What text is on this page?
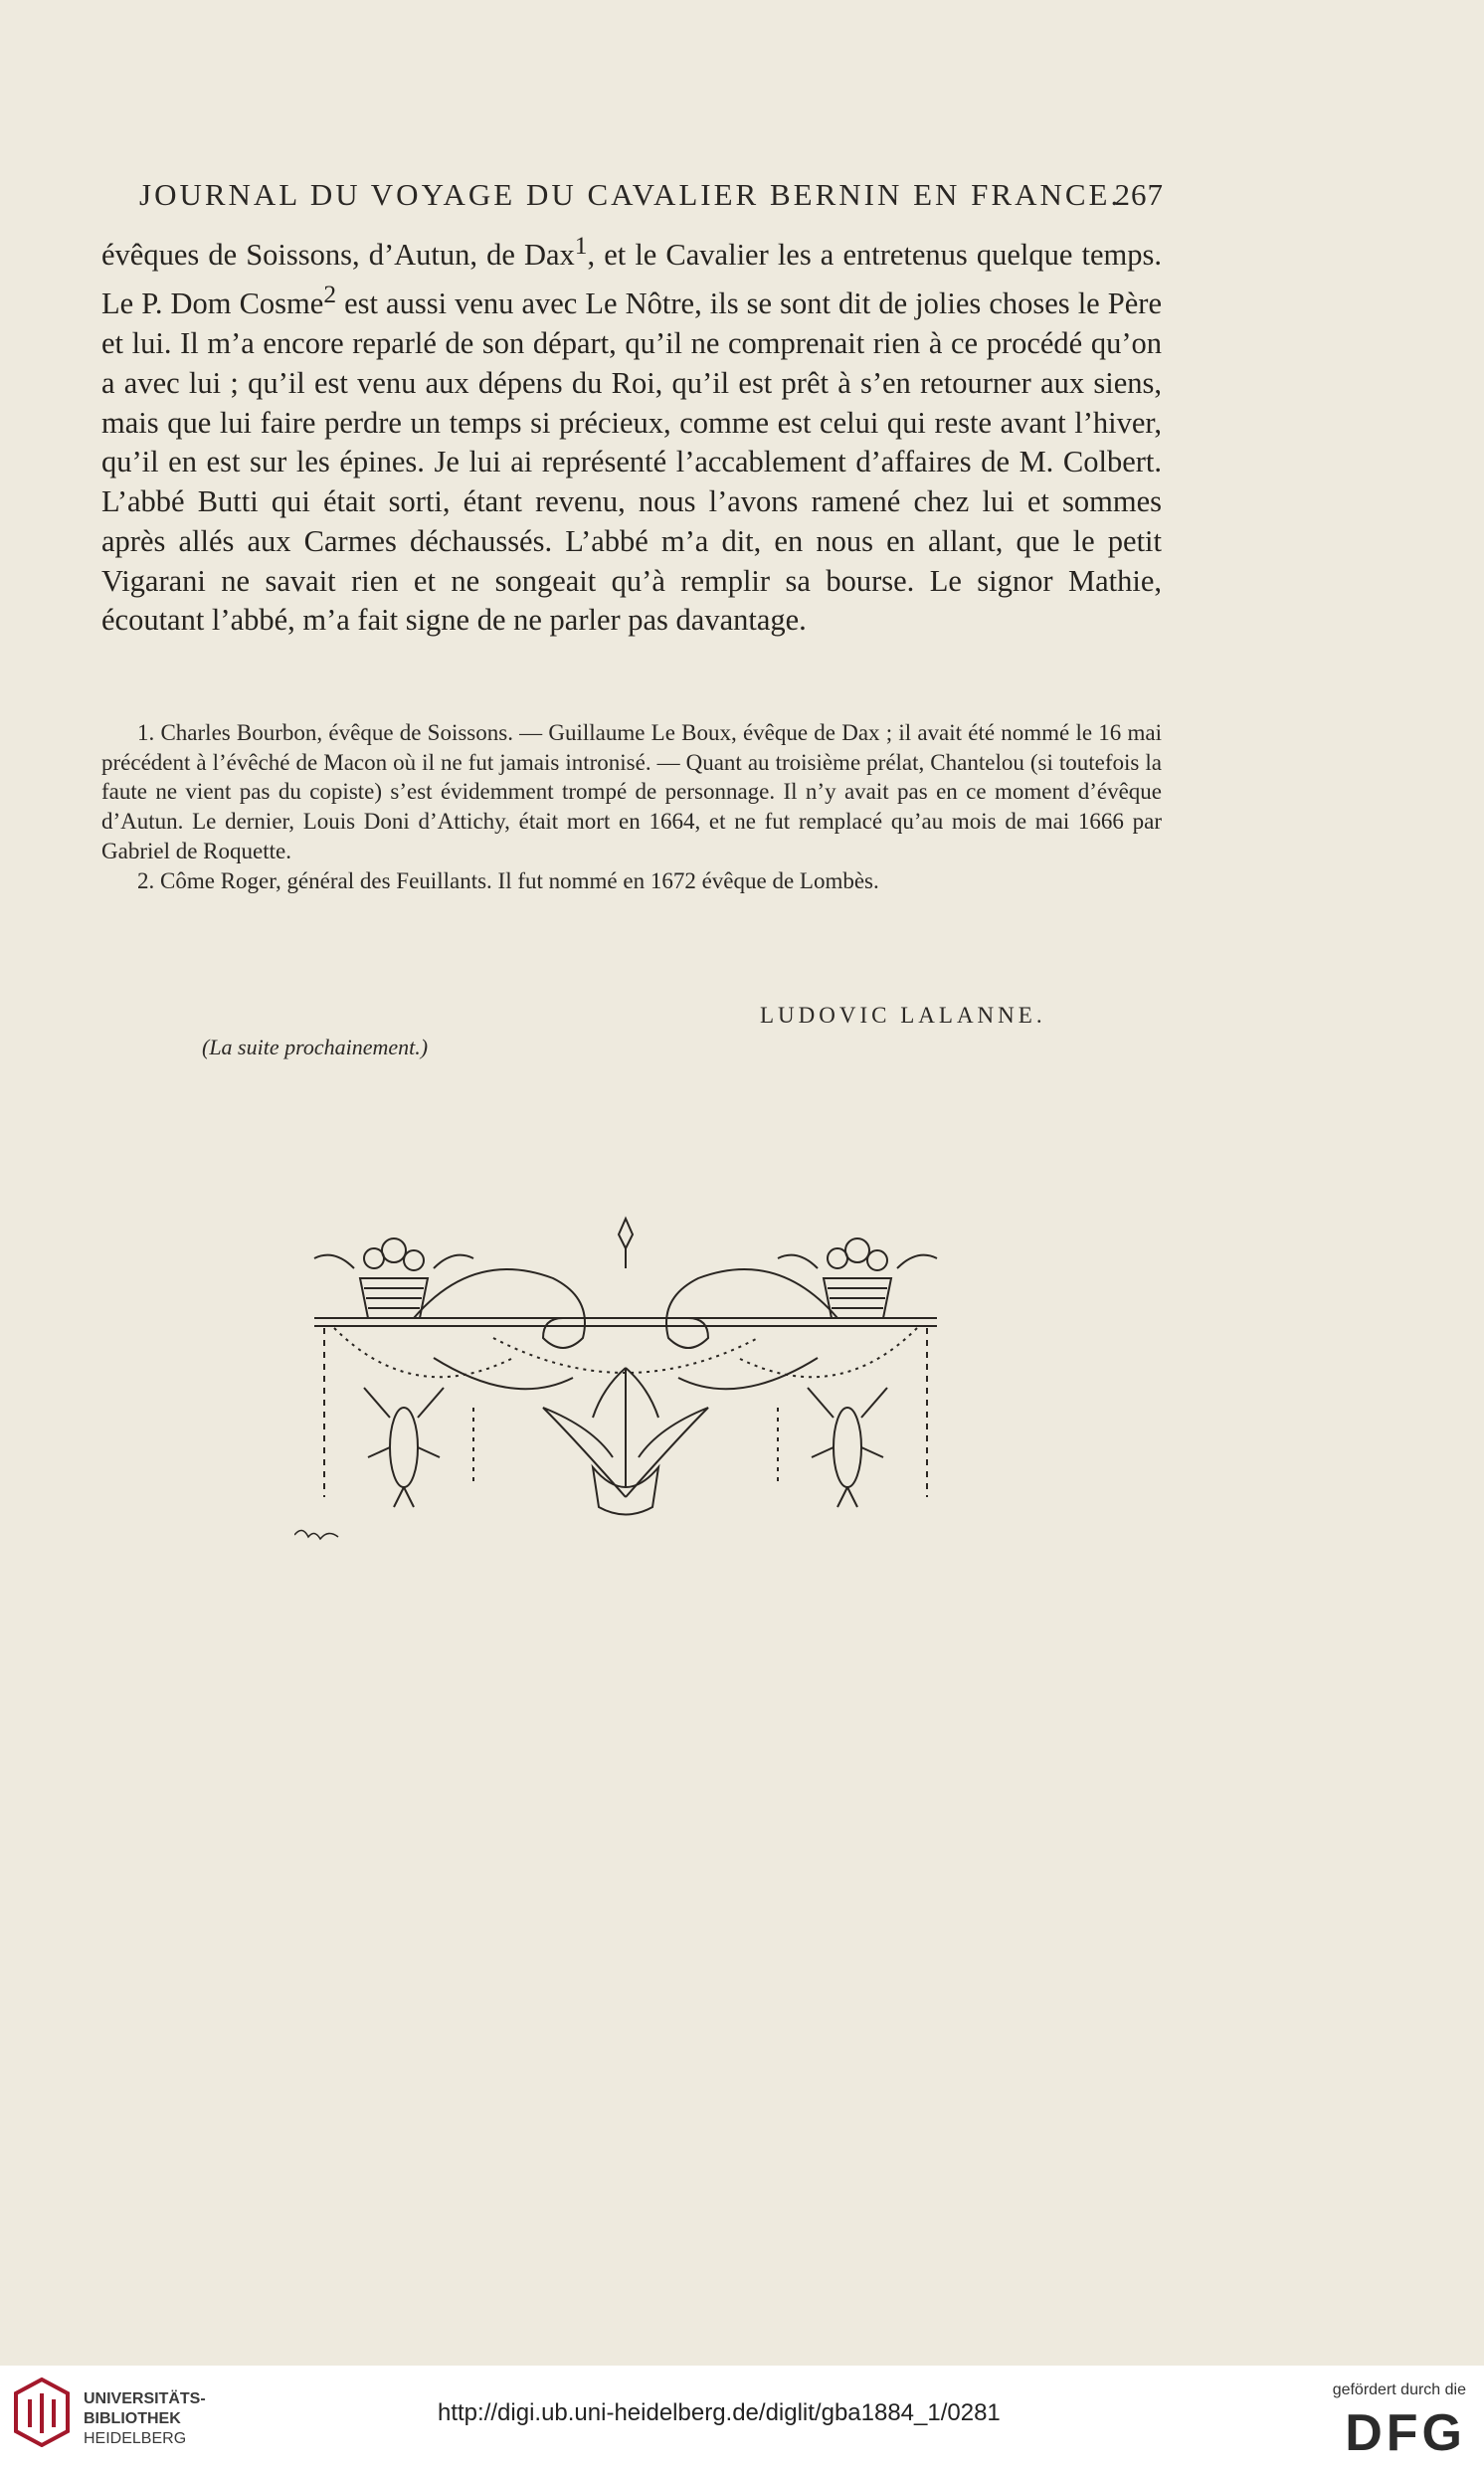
JOURNAL DU VOYAGE DU CAVALIER BERNIN EN FRANCE.
267

évêques de Soissons, d’Autun, de Dax$^1$, et le Cavalier les a entretenus quelque temps. Le P. Dom Cosme$^2$ est aussi venu avec Le Nôtre, ils se sont dit de jolies choses le Père et lui. Il m’a encore reparlé de son départ, qu’il ne comprenait rien à ce procédé qu’on a avec lui ; qu’il est venu aux dépens du Roi, qu’il est prêt à s’en retourner aux siens, mais que lui faire perdre un temps si précieux, comme est celui qui reste avant l’hiver, qu’il en est sur les épines. Je lui ai représenté l’accablement d’affaires de M. Colbert. L’abbé Butti qui était sorti, étant revenu, nous l’avons ramené chez lui et sommes après allés aux Carmes déchaussés. L’abbé m’a dit, en nous en allant, que le petit Vigarani ne savait rien et ne songeait qu’à remplir sa bourse. Le signor Mathie, écoutant l’abbé, m’a fait signe de ne parler pas davantage.

1. Charles Bourbon, évêque de Soissons. — Guillaume Le Boux, évêque de Dax ; il avait été nommé le 16 mai précédent à l’évêché de Macon où il ne fut jamais intronisé. — Quant au troisième prélat, Chantelou (si toutefois la faute ne vient pas du copiste) s’est évidemment trompé de personnage. Il n’y avait pas en ce moment d’évêque d’Autun. Le dernier, Louis Doni d’Attichy, était mort en 1664, et ne fut remplacé qu’au mois de mai 1666 par Gabriel de Roquette.

2. Côme Roger, général des Feuillants. Il fut nommé en 1672 évêque de Lombès.

LUDOVIC LALANNE.
(La suite prochainement.)
UNIVERSITÄTS-
BIBLIOTHEK
HEIDELBERG
http://digi.ub.uni-heidelberg.de/diglit/gba1884_1/0281
gefördert durch die
DFG
